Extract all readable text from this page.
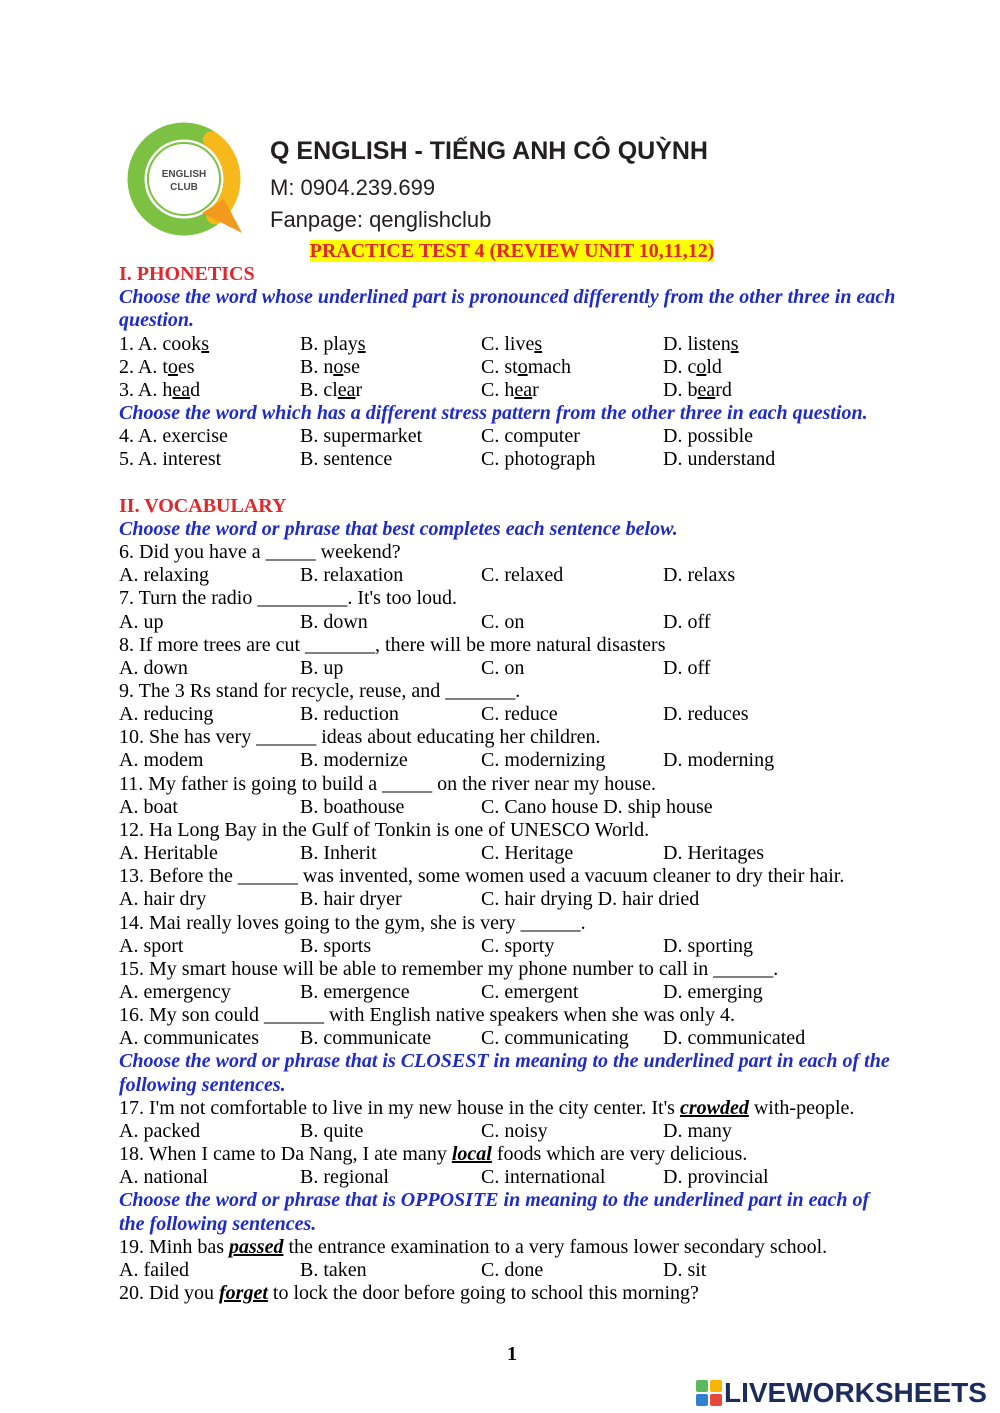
ENGLISH
CLUB
Q ENGLISH - TIẾNG ANH CÔ QUỲNH
M: 0904.239.699
Fanpage: qenglishclub
PRACTICE TEST 4 (REVIEW UNIT 10,11,12)
I. PHONETICS
Choose the word whose underlined part is pronounced differently from the other three in each
question.
1. A. cooks	B. plays	C. lives	D. listens
2. A. toes	B. nose	C. stomach	D. cold
3. A. head	B. clear	C. hear	D. beard
Choose the word which has a different stress pattern from the other three in each question.
4. A. exercise	B. supermarket	C. computer	D. possible
5. A. interest	B. sentence	C. photograph	D. understand
II. VOCABULARY
Choose the word or phrase that best completes each sentence below.
6. Did you have a _____ weekend?
A. relaxing	B. relaxation	C. relaxed	D. relaxs
7. Turn the radio _________. It's too loud.
A. up	B. down	C. on	D. off
8. If more trees are cut _______, there will be more natural disasters
A. down	B. up	C. on	D. off
9. The 3 Rs stand for recycle, reuse, and _______.
A. reducing	B. reduction	C. reduce	D. reduces
10. She has very ______ ideas about educating her children.
A. modem	B. modernize	C. modernizing	D. moderning
11. My father is going to build a _____ on the river near my house.
A. boat	B. boathouse	C. Cano house D. ship house
12. Ha Long Bay in the Gulf of Tonkin is one of UNESCO World.
A. Heritable	B. Inherit	C. Heritage	D. Heritages
13. Before the ______ was invented, some women used a vacuum cleaner to dry their hair.
A. hair dry	B. hair dryer	C. hair drying D. hair dried
14. Mai really loves going to the gym, she is very ______.
A. sport	B. sports	C. sporty	D. sporting
15. My smart house will be able to remember my phone number to call in ______.
A. emergency	B. emergence	C. emergent	D. emerging
16. My son could ______ with English native speakers when she was only 4.
A. communicates B. communicate C. communicating D. communicated
Choose the word or phrase that is CLOSEST in meaning to the underlined part in each of the
following sentences.
17. I'm not comfortable to live in my new house in the city center. It's crowded with-people.
A. packed	B. quite	C. noisy	D. many
18. When I came to Da Nang, I ate many local foods which are very delicious.
A. national	B. regional	C. international	D. provincial
Choose the word or phrase that is OPPOSITE in meaning to the underlined part in each of
the following sentences.
19. Minh bas passed the entrance examination to a very famous lower secondary school.
A. failed	B. taken	C. done	D. sit
20. Did you forget to lock the door before going to school this morning?
1
LIVEWORKSHEETS
